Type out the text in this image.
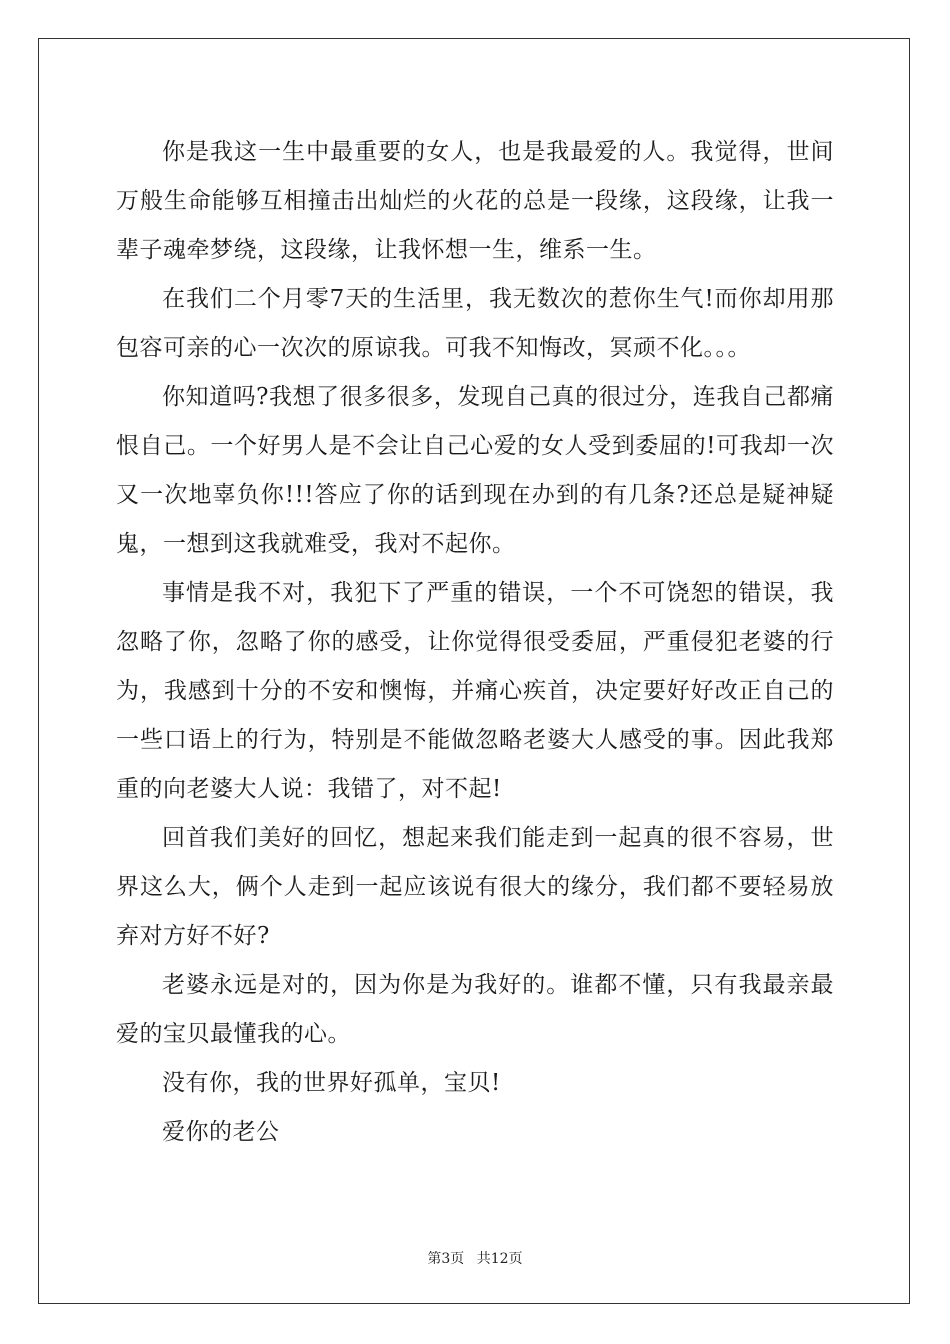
你是我这一生中最重要的女人，也是我最爱的人。我觉得，世间万般生命能够互相撞击出灿烂的火花的总是一段缘，这段缘，让我一辈子魂牵梦绕，这段缘，让我怀想一生，维系一生。

在我们二个月零7天的生活里，我无数次的惹你生气!而你却用那包容可亲的心一次次的原谅我。可我不知悔改，冥顽不化。。。

你知道吗?我想了很多很多，发现自己真的很过分，连我自己都痛恨自己。一个好男人是不会让自己心爱的女人受到委屈的!可我却一次又一次地辜负你!!!答应了你的话到现在办到的有几条?还总是疑神疑鬼，一想到这我就难受，我对不起你。

事情是我不对，我犯下了严重的错误，一个不可饶恕的错误，我忽略了你，忽略了你的感受，让你觉得很受委屈，严重侵犯老婆的行为，我感到十分的不安和懊悔，并痛心疾首，决定要好好改正自己的一些口语上的行为，特别是不能做忽略老婆大人感受的事。因此我郑重的向老婆大人说：我错了，对不起!

回首我们美好的回忆，想起来我们能走到一起真的很不容易，世界这么大，俩个人走到一起应该说有很大的缘分，我们都不要轻易放弃对方好不好?

老婆永远是对的，因为你是为我好的。谁都不懂，只有我最亲最爱的宝贝最懂我的心。

没有你，我的世界好孤单，宝贝!

爱你的老公

第3页 共12页
